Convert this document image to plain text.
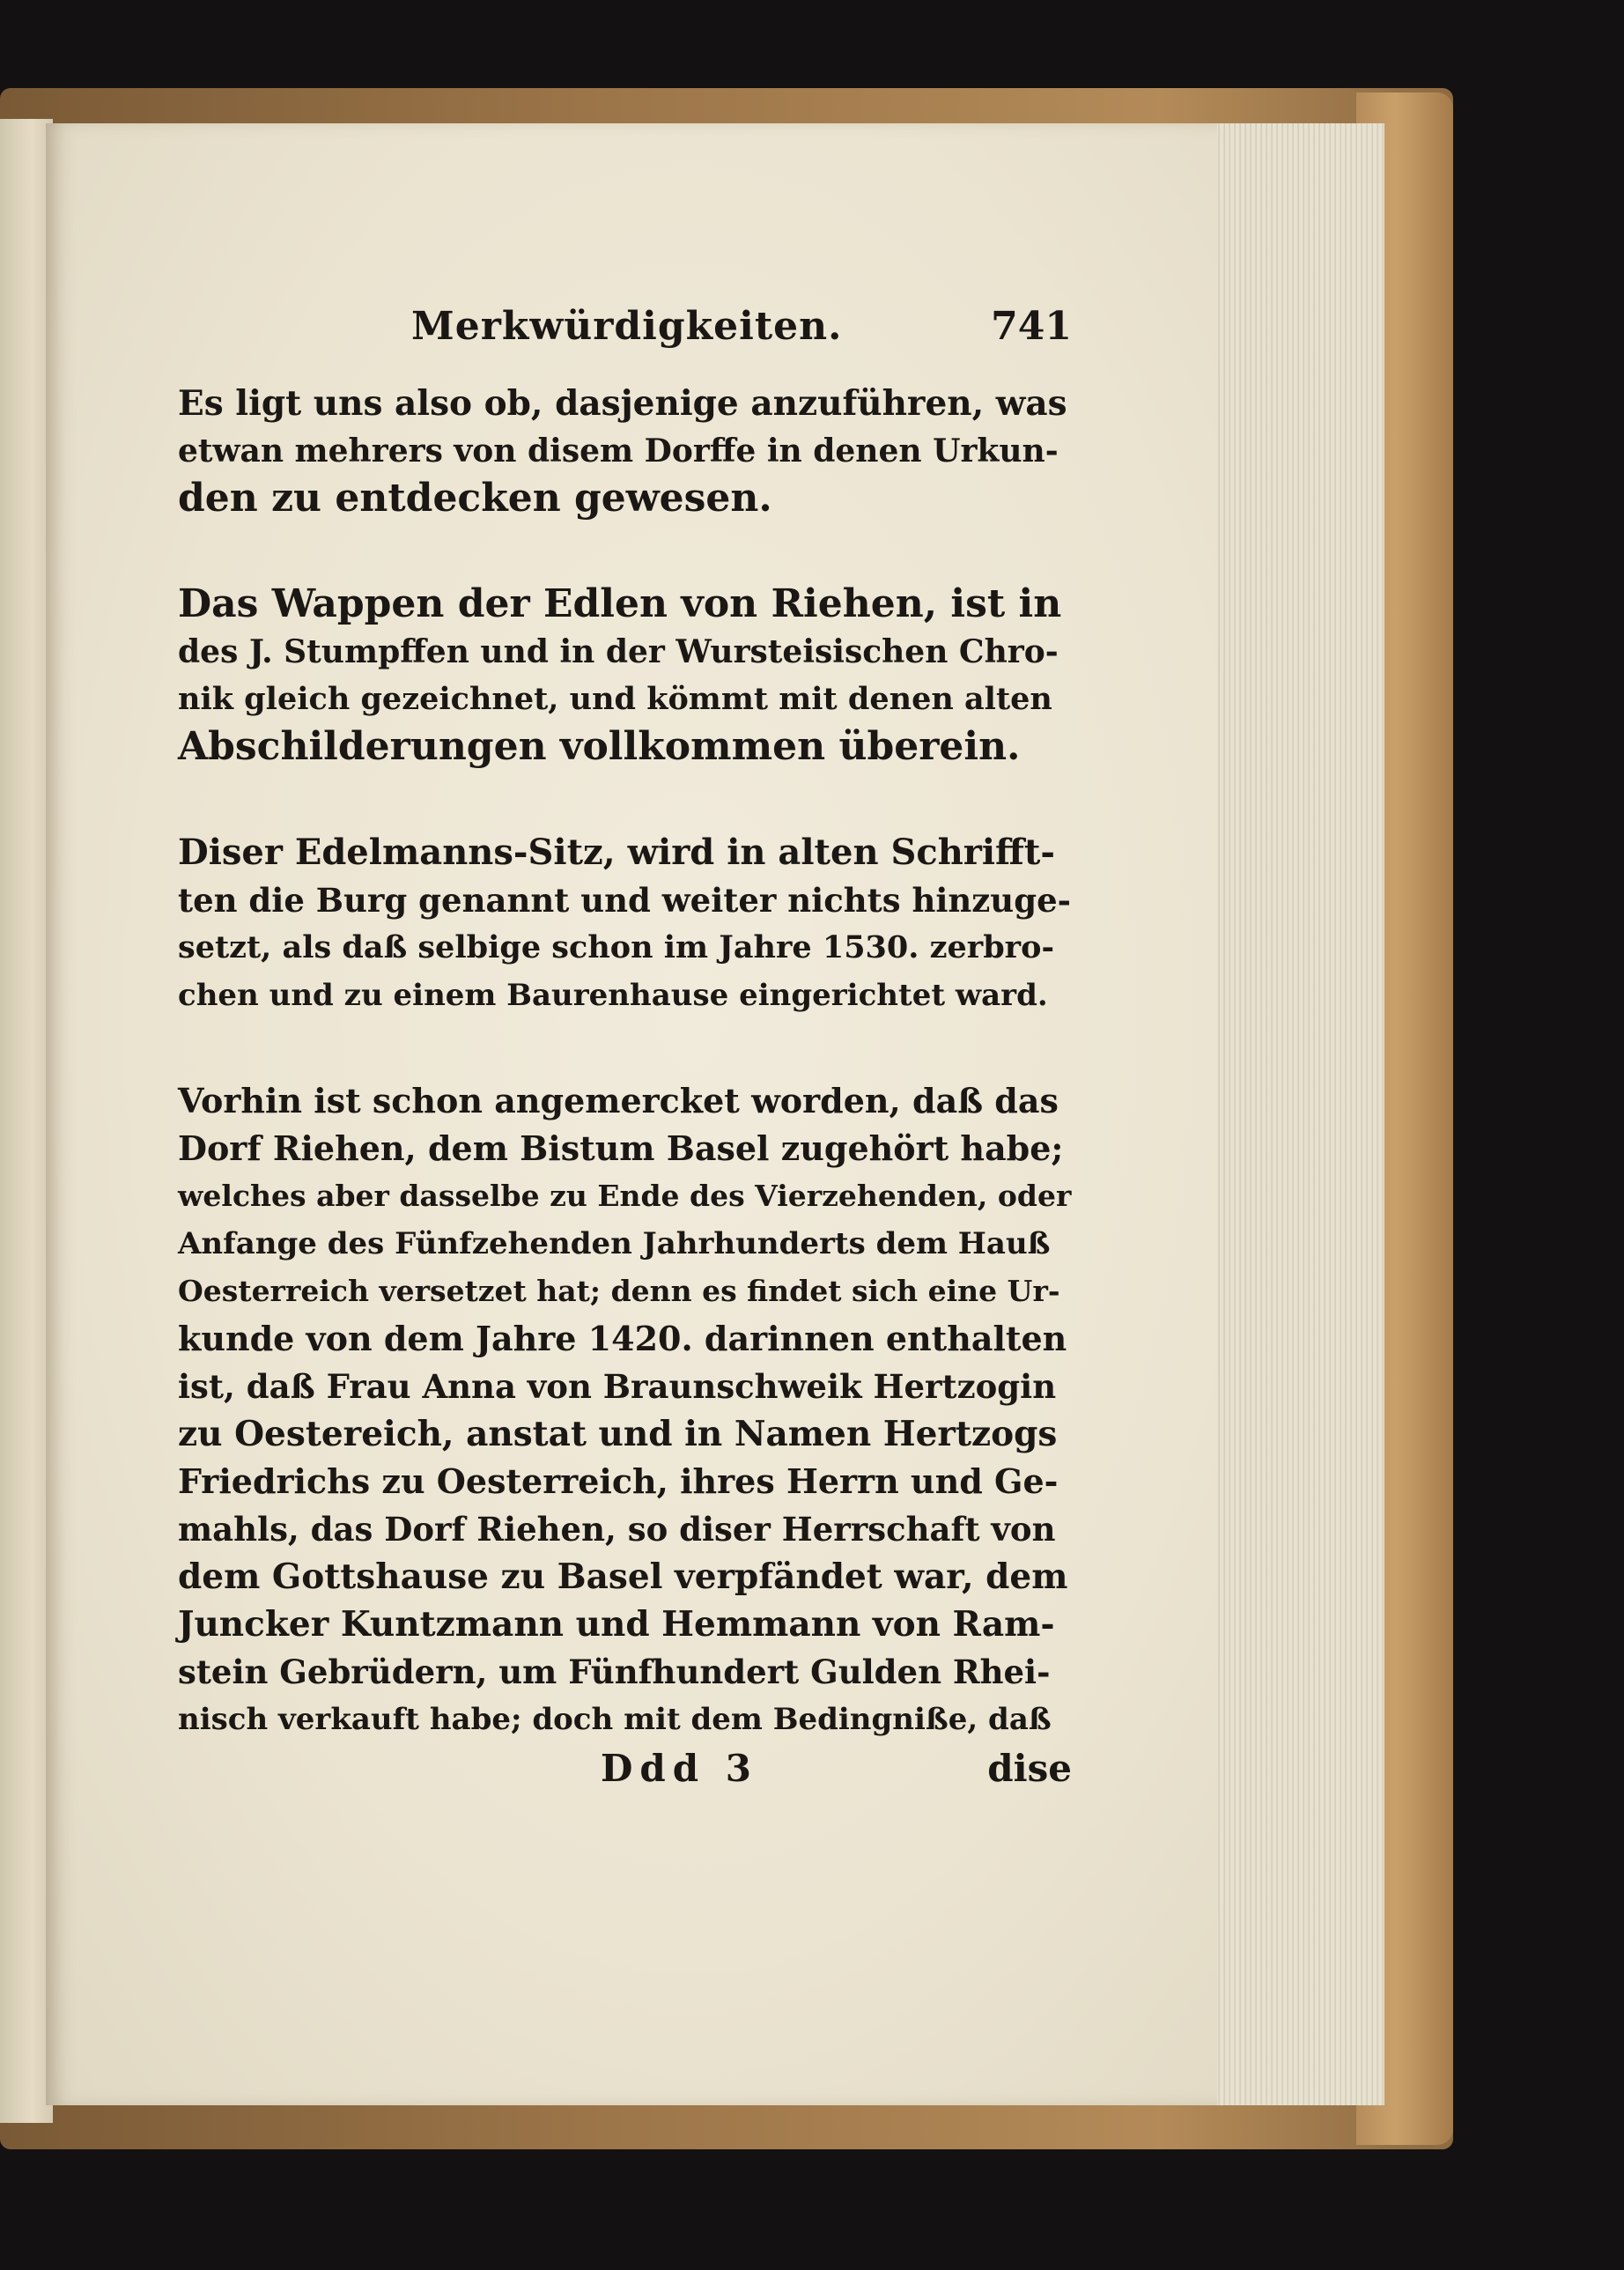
Merkwürdigkeiten.	741

Es ligt uns also ob, dasjenige anzuführen, was
etwan mehrers von disem Dorffe in denen Urkun-
den zu entdecken gewesen.

Das Wappen der Edlen von Riehen, ist in
des J. Stumpffen und in der Wursteisischen Chro-
nik gleich gezeichnet, und kömmt mit denen alten
Abschilderungen vollkommen überein.

Diser Edelmanns-Sitz, wird in alten Schrifft-
ten die Burg genannt und weiter nichts hinzuge-
setzt, als daß selbige schon im Jahre 1530. zerbro-
chen und zu einem Baurenhause eingerichtet ward.

Vorhin ist schon angemercket worden, daß das
Dorf Riehen, dem Bistum Basel zugehört habe;
welches aber dasselbe zu Ende des Vierzehenden, oder
Anfange des Fünfzehenden Jahrhunderts dem Hauß
Oesterreich versetzet hat; denn es findet sich eine Ur-
kunde von dem Jahre 1420. darinnen enthalten
ist, daß Frau Anna von Braunschweik Hertzogin
zu Oestereich, anstat und in Namen Hertzogs
Friedrichs zu Oesterreich, ihres Herrn und Ge-
mahls, das Dorf Riehen, so diser Herrschaft von
dem Gottshause zu Basel verpfändet war, dem
Juncker Kuntzmann und Hemmann von Ram-
stein Gebrüdern, um Fünfhundert Gulden Rhei-
nisch verkauft habe; doch mit dem Bedingniße, daß

Ddd 3	dise
